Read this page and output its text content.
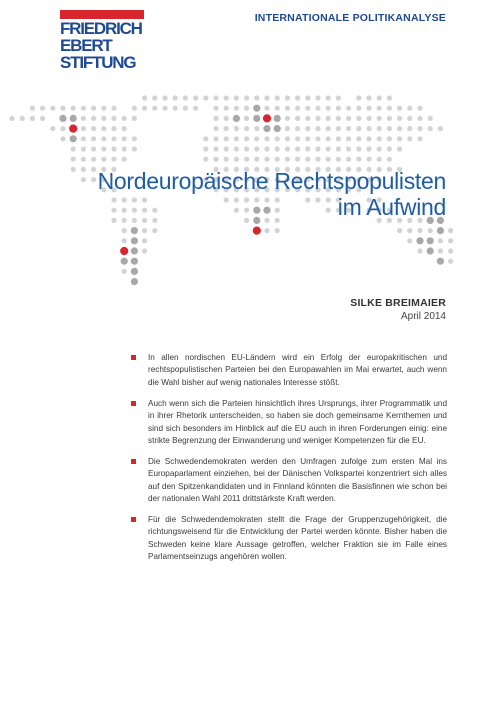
FRIEDRICH
EBERT
STIFTUNG
INTERNATIONALE POLITIKANALYSE
Nordeuropäische Rechtspopulisten
im Aufwind
SILKE BREIMAIER
April 2014
In allen nordischen EU-Ländern wird ein Erfolg der europakritischen und rechtspopulistischen Parteien bei den Europawahlen im Mai erwartet, auch wenn die Wahl bisher auf wenig nationales Interesse stößt.
Auch wenn sich die Parteien hinsichtlich ihres Ursprungs, ihrer Programmatik und in ihrer Rhetorik unterscheiden, so haben sie doch gemeinsame Kernthemen und sind sich besonders im Hinblick auf die EU auch in ihren Forderungen einig: eine strikte Begrenzung der Einwanderung und weniger Kompetenzen für die EU.
Die Schwedendemokraten werden den Umfragen zufolge zum ersten Mal ins Europaparlament einziehen, bei der Dänischen Volkspartei konzentriert sich alles auf den Spitzenkandidaten und in Finnland könnten die Basisfinnen wie schon bei der nationalen Wahl 2011 drittstärkste Kraft werden.
Für die Schwedendemokraten stellt die Frage der Gruppenzugehörigkeit, die richtungsweisend für die Entwicklung der Partei werden könnte. Bisher haben die Schweden keine klare Aussage getroffen, welcher Fraktion sie im Falle eines Parlamentseinzugs angehören wollen.
